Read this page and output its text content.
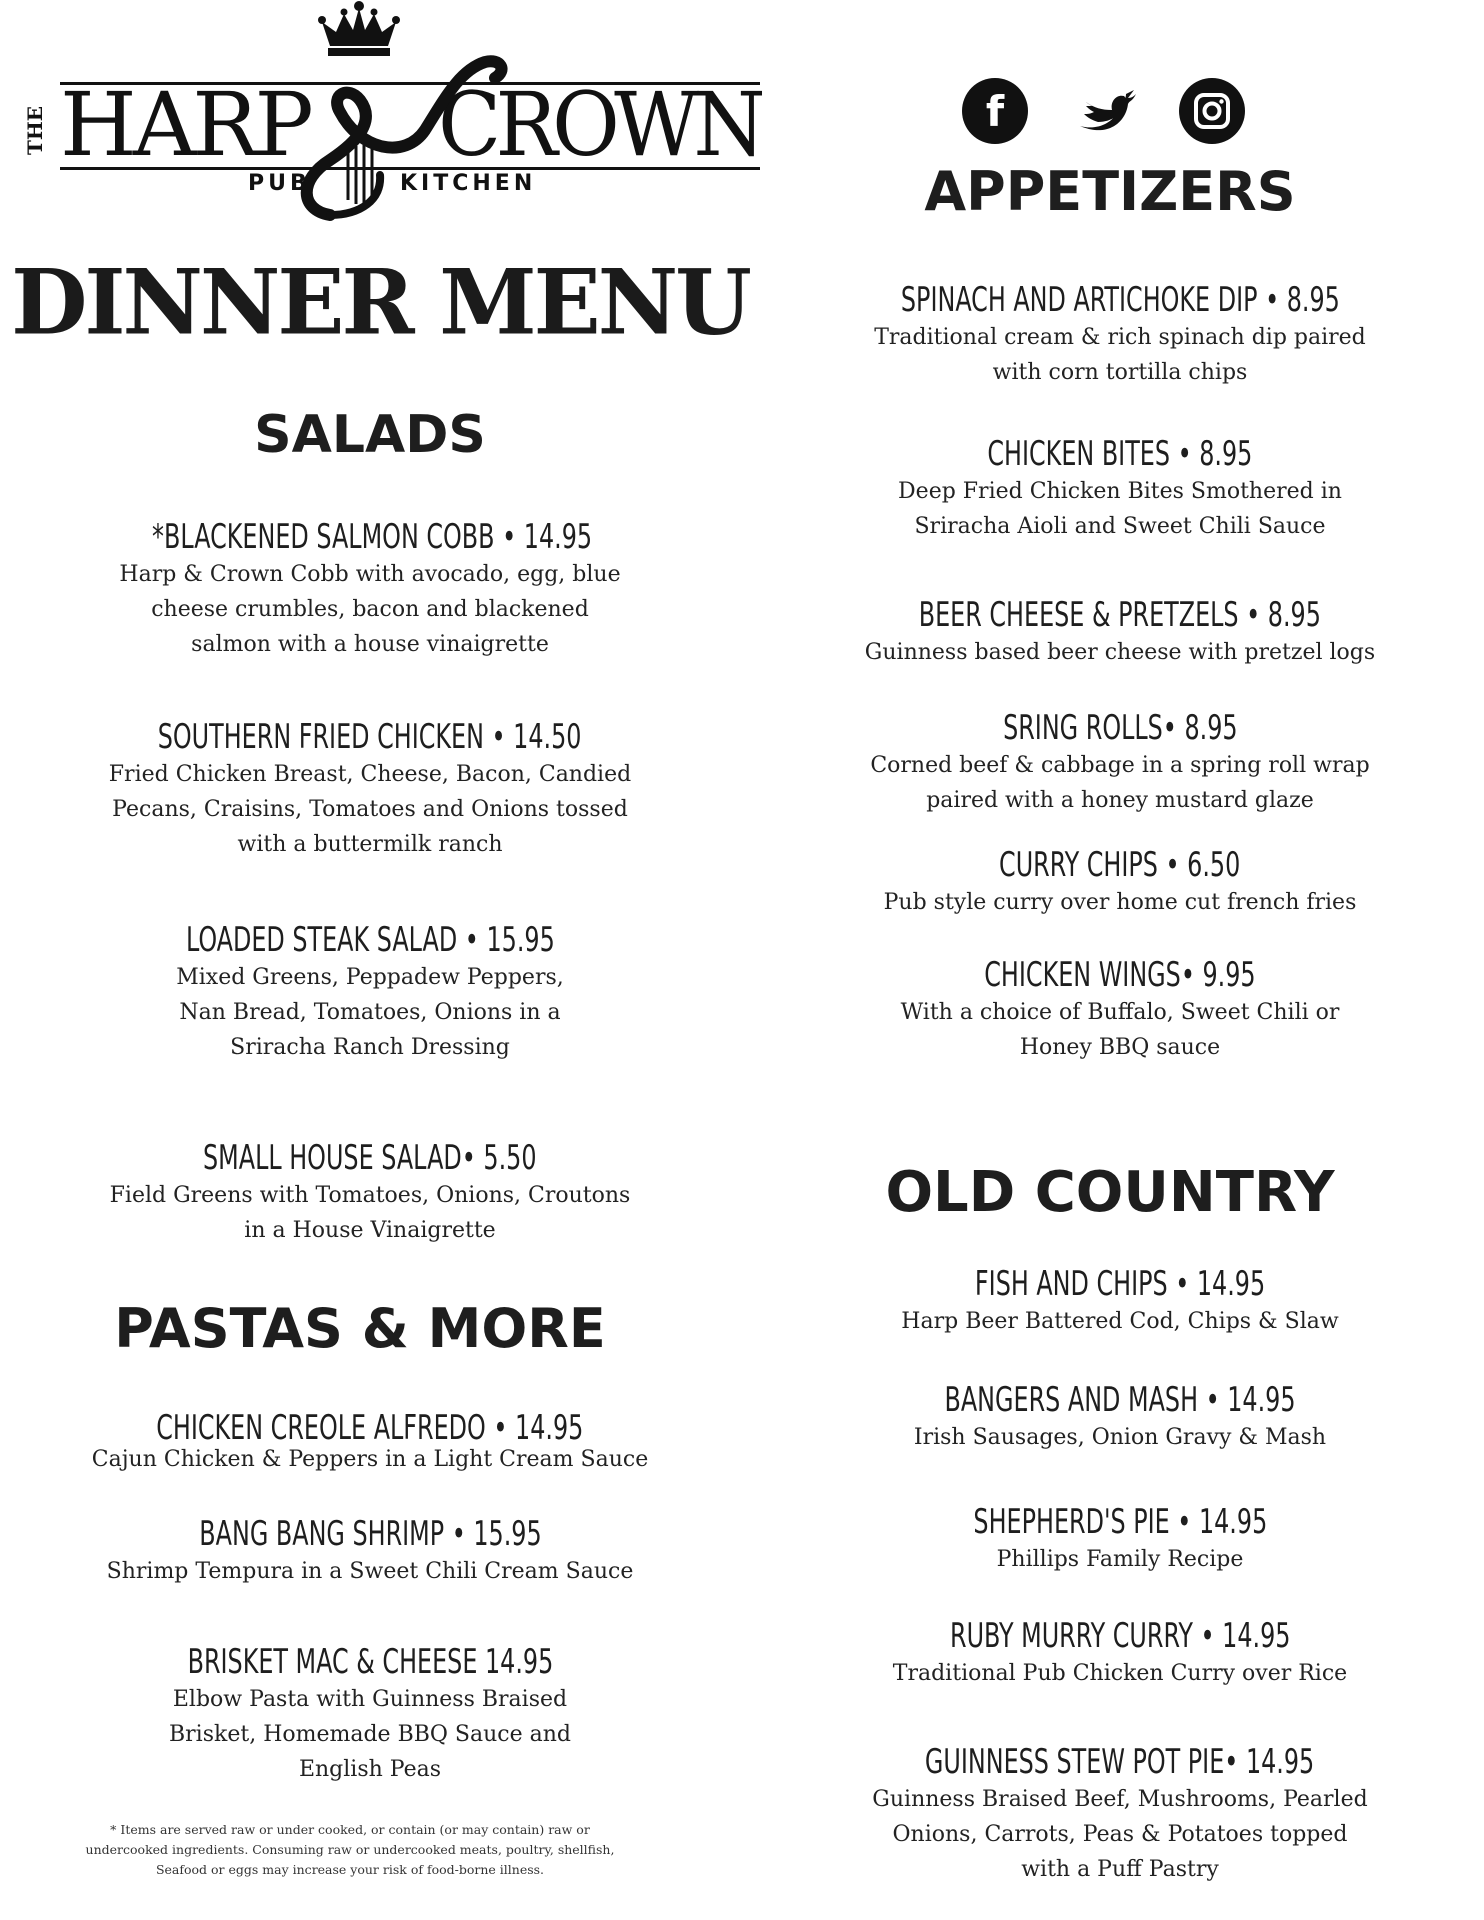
THE HARP CROWN
PUB	KITCHEN
f
DINNER MENU
SALADS
*BLACKENED SALMON COBB • 14.95
Harp & Crown Cobb with avocado, egg, blue cheese crumbles, bacon and blackened salmon with a house vinaigrette
SOUTHERN FRIED CHICKEN • 14.50
Fried Chicken Breast, Cheese, Bacon, Candied Pecans, Craisins, Tomatoes and Onions tossed with a buttermilk ranch
LOADED STEAK SALAD • 15.95
Mixed Greens, Peppadew Peppers, Nan Bread, Tomatoes, Onions in a Sriracha Ranch Dressing
SMALL HOUSE SALAD• 5.50
Field Greens with Tomatoes, Onions, Croutons in a House Vinaigrette
PASTAS & MORE
CHICKEN CREOLE ALFREDO • 14.95
Cajun Chicken & Peppers in a Light Cream Sauce
BANG BANG SHRIMP • 15.95
Shrimp Tempura in a Sweet Chili Cream Sauce
BRISKET MAC & CHEESE 14.95
Elbow Pasta with Guinness Braised Brisket, Homemade BBQ Sauce and English Peas
* Items are served raw or under cooked, or contain (or may contain) raw or undercooked ingredients. Consuming raw or undercooked meats, poultry, shellfish, Seafood or eggs may increase your risk of food-borne illness.
APPETIZERS
SPINACH AND ARTICHOKE DIP • 8.95
Traditional cream & rich spinach dip paired with corn tortilla chips
CHICKEN BITES • 8.95
Deep Fried Chicken Bites Smothered in Sriracha Aioli and Sweet Chili Sauce
BEER CHEESE & PRETZELS • 8.95
Guinness based beer cheese with pretzel logs
SRING ROLLS• 8.95
Corned beef & cabbage in a spring roll wrap paired with a honey mustard glaze
CURRY CHIPS • 6.50
Pub style curry over home cut french fries
CHICKEN WINGS• 9.95
With a choice of Buffalo, Sweet Chili or Honey BBQ sauce
OLD COUNTRY
FISH AND CHIPS • 14.95
Harp Beer Battered Cod, Chips & Slaw
BANGERS AND MASH • 14.95
Irish Sausages, Onion Gravy & Mash
SHEPHERD'S PIE • 14.95
Phillips Family Recipe
RUBY MURRY CURRY • 14.95
Traditional Pub Chicken Curry over Rice
GUINNESS STEW POT PIE• 14.95
Guinness Braised Beef, Mushrooms, Pearled Onions, Carrots, Peas & Potatoes topped with a Puff Pastry
